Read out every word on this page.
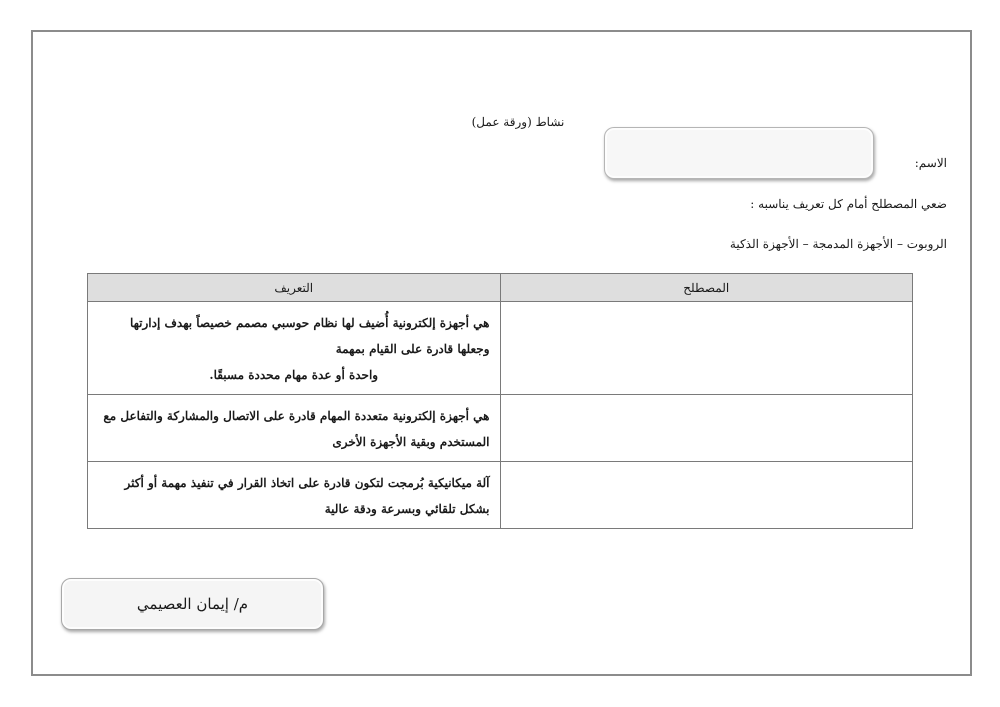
نشاط (ورقة عمل)
الاسم:
ضعي المصطلح أمام كل تعريف يناسبه :
الروبوت – الأجهزة المدمجة – الأجهزة الذكية
المصطلح	التعريف
	هي أجهزة إلكترونية أُضيف لها نظام حوسبي مصمم خصيصاً بهدف إدارتها وجعلها قادرة على القيام بمهمة
واحدة أو عدة مهام محددة مسبقًا.

	هي أجهزة إلكترونية متعددة المهام قادرة على الاتصال والمشاركة والتفاعل مع المستخدم وبقية الأجهزة الأخرى
	آلة ميكانيكية بُرمجت لتكون قادرة على اتخاذ القرار في تنفيذ مهمة أو أكثر بشكل تلقائي وبسرعة ودقة عالية
م/ إيمان العصيمي
